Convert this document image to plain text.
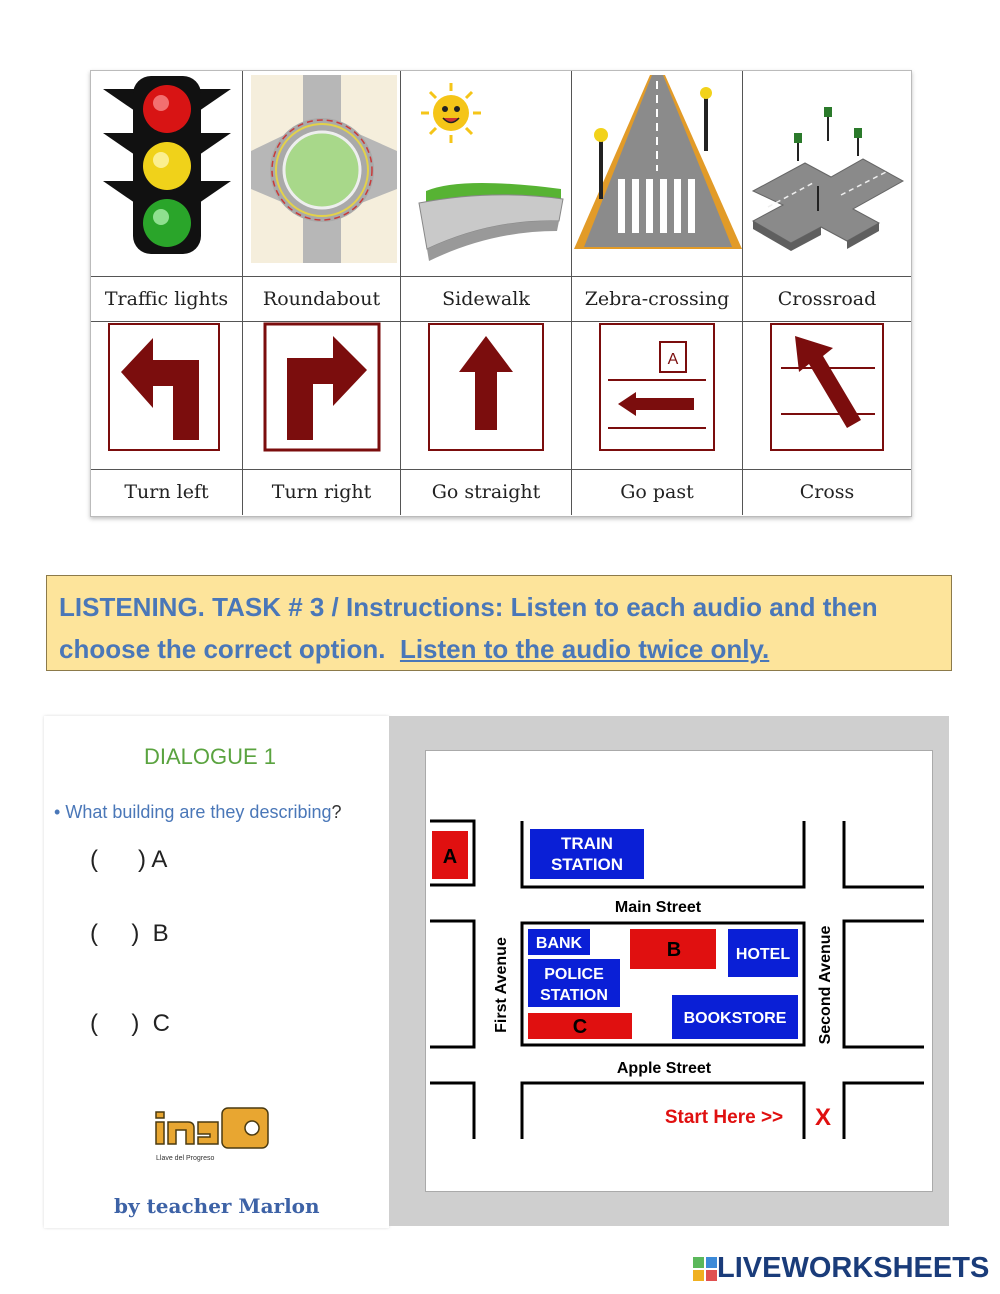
Traffic lights	Roundabout	Sidewalk	Zebra-crossing	Crossroad
A
Turn left	Turn right	Go straight	Go past	Cross
LISTENING. TASK # 3 / Instructions: Listen to each audio and then choose the correct option. Listen to the audio twice only.
DIALOGUE 1
• What building are they describing?
(      ) A
(     )  B
(     )  C
Llave del Progreso
by teacher Marlon
A
TRAIN
STATION
Main Street
BANK	B	HOTEL
POLICE
STATION
BOOKSTORE
C
First Avenue	Second Avenue
Apple Street
Start Here >> X
LIVEWORKSHEETS
